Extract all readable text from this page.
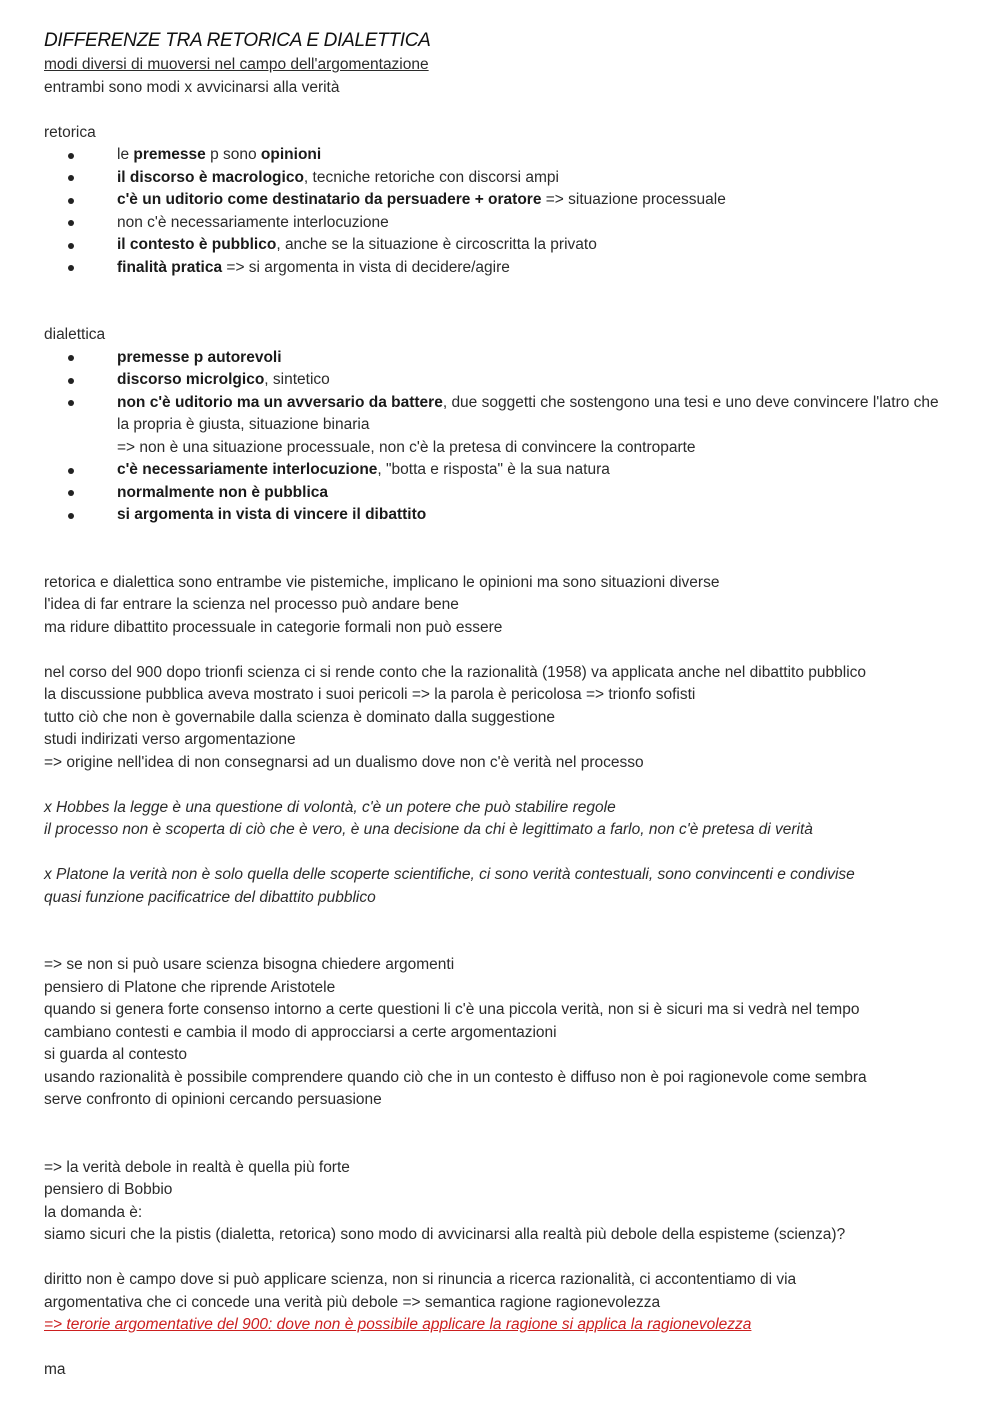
DIFFERENZE TRA RETORICA E DIALETTICA

modi diversi di muoversi nel campo dell'argomentazione

entrambi sono modi x avvicinarsi alla verità

retorica

le premesse p sono opinioni
il discorso è macrologico, tecniche retoriche con discorsi ampi
c'è un uditorio come destinatario da persuadere + oratore => situazione processuale
non c'è necessariamente interlocuzione
il contesto è pubblico, anche se la situazione è circoscritta la privato
finalità pratica => si argomenta in vista di decidere/agire

dialettica

premesse p autorevoli
discorso microlgico, sintetico
non c'è uditorio ma un avversario da battere, due soggetti che sostengono una tesi e uno deve convincere l'latro che la propria è giusta, situazione binaria
=> non è una situazione processuale, non c'è la pretesa di convincere la controparte
c'è necessariamente interlocuzione, "botta e risposta" è la sua natura
normalmente non è pubblica
si argomenta in vista di vincere il dibattito

retorica e dialettica sono entrambe vie pistemiche, implicano le opinioni ma sono situazioni diverse

l'idea di far entrare la scienza nel processo può andare bene

ma ridure dibattito processuale in categorie formali non può essere

nel corso del 900 dopo trionfi scienza ci si rende conto che la razionalità (1958) va applicata anche nel dibattito pubblico

la discussione pubblica aveva mostrato i suoi pericoli => la parola è pericolosa => trionfo sofisti

tutto ciò che non è governabile dalla scienza è dominato dalla suggestione

studi indirizati verso argomentazione

=> origine nell'idea di non consegnarsi ad un dualismo dove non c'è verità nel processo

x Hobbes la legge è una questione di volontà, c'è un potere che può stabilire regole

il processo non è scoperta di ciò che è vero, è una decisione da chi è legittimato a farlo, non c'è pretesa di verità

x Platone la verità non è solo quella delle scoperte scientifiche, ci sono verità contestuali, sono convincenti e condivise

quasi funzione pacificatrice del dibattito pubblico

=> se non si può usare scienza bisogna chiedere argomenti

pensiero di Platone che riprende Aristotele

quando si genera forte consenso intorno a certe questioni li c'è una piccola verità, non si è sicuri ma si vedrà nel tempo

cambiano contesti e cambia il modo di approcciarsi a certe argomentazioni

si guarda al contesto

usando razionalità è possibile comprendere quando ciò che in un contesto è diffuso non è poi ragionevole come sembra

serve confronto di opinioni cercando persuasione

=> la verità debole in realtà è quella più forte

pensiero di Bobbio

la domanda è:

siamo sicuri che la pistis (dialetta, retorica) sono modo di avvicinarsi alla realtà più debole della espisteme (scienza)?

diritto non è campo dove si può applicare scienza, non si rinuncia a ricerca razionalità, ci accontentiamo di via

argomentativa che ci concede una verità più debole => semantica ragione ragionevolezza

=> terorie argomentative del 900: dove non è possibile applicare la ragione si applica la ragionevolezza

ma
